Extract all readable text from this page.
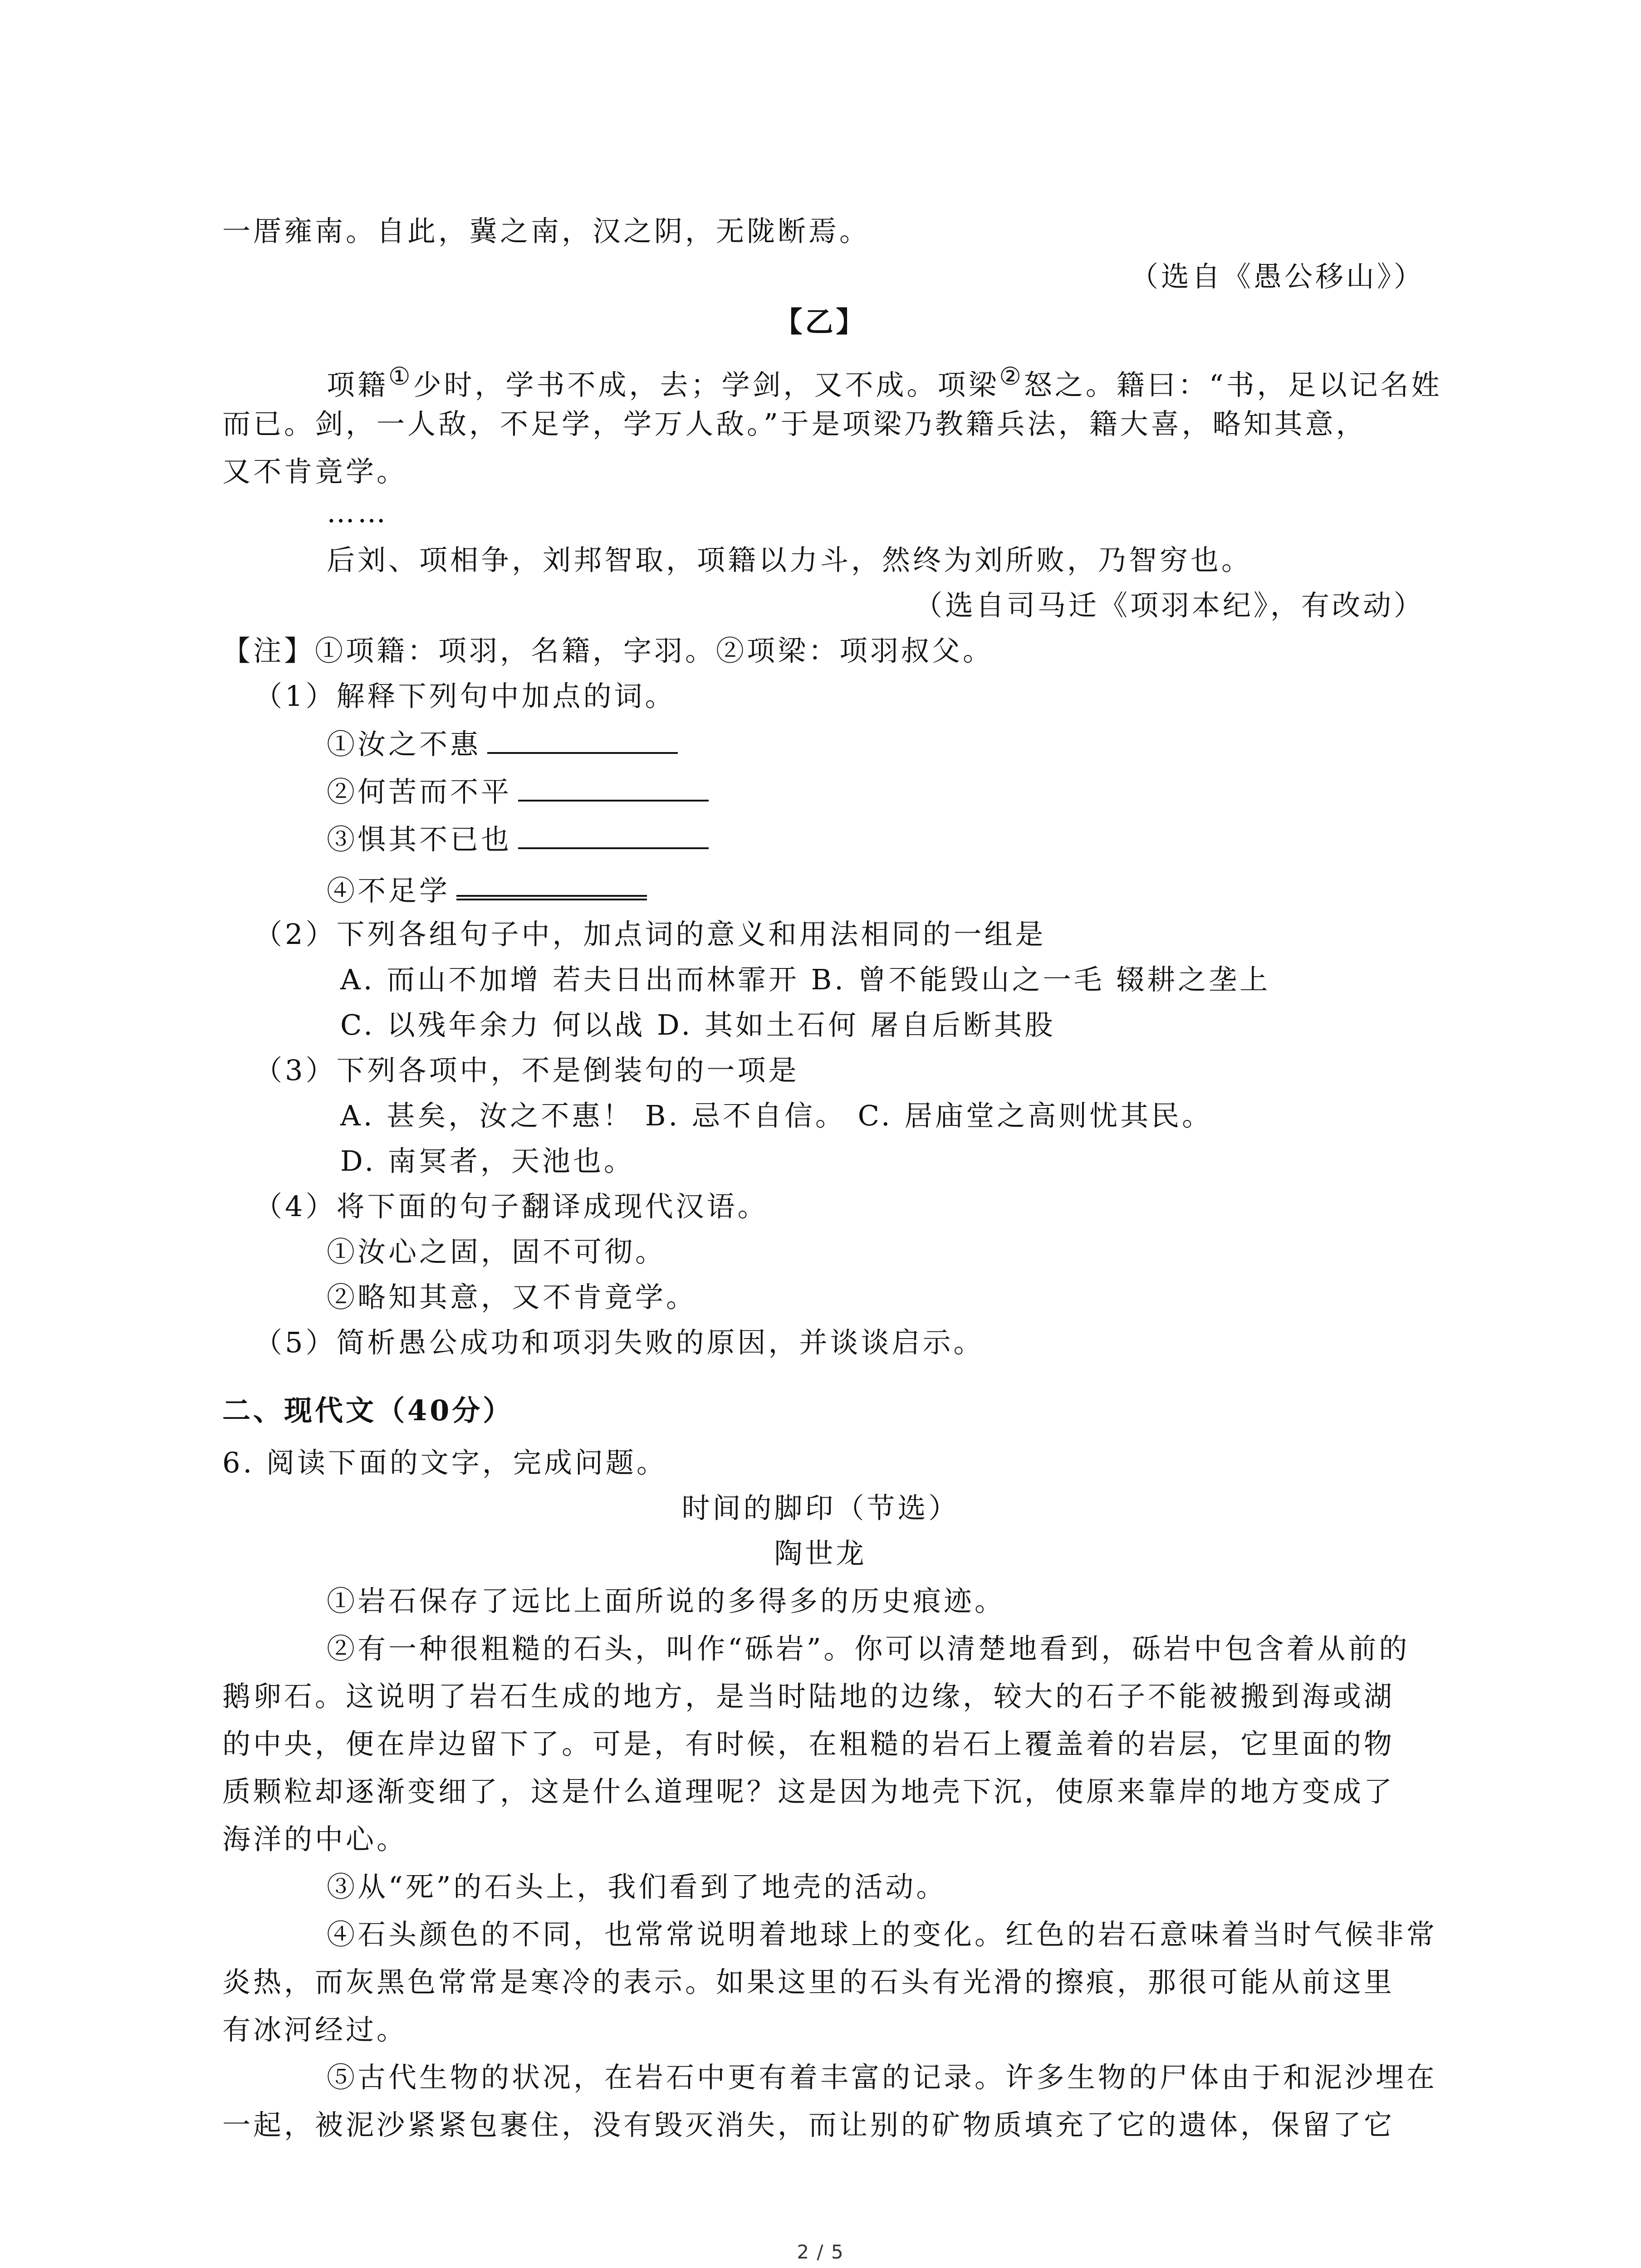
一厝雍南。自此，冀之南，汉之阴，无陇断焉。
（选自《愚公移山》）
【乙】
项籍①少时，学书不成，去；学剑，又不成。项梁②怒之。籍曰：“书，足以记名姓
而已。剑，一人敌，不足学，学万人敌。”于是项梁乃教籍兵法，籍大喜，略知其意，
又不肯竟学。
……
后刘、项相争，刘邦智取，项籍以力斗，然终为刘所败，乃智穷也。
（选自司马迁《项羽本纪》，有改动）
【注】①项籍：项羽，名籍，字羽。②项梁：项羽叔父。
（1）解释下列句中加点的词。
①汝之不惠
②何苦而不平
③惧其不已也
④不足学
（2）下列各组句子中，加点词的意义和用法相同的一组是
A. 而山不加增 若夫日出而林霏开 B. 曾不能毁山之一毛 辍耕之垄上
C. 以残年余力 何以战 D. 其如土石何 屠自后断其股
（3）下列各项中，不是倒装句的一项是
A. 甚矣，汝之不惠！ B. 忌不自信。 C. 居庙堂之高则忧其民。
D. 南冥者，天池也。
（4）将下面的句子翻译成现代汉语。
①汝心之固，固不可彻。
②略知其意，又不肯竟学。
（5）简析愚公成功和项羽失败的原因，并谈谈启示。
二、现代文（40分）
6. 阅读下面的文字，完成问题。
时间的脚印（节选）
陶世龙
①岩石保存了远比上面所说的多得多的历史痕迹。
②有一种很粗糙的石头，叫作“砾岩”。你可以清楚地看到，砾岩中包含着从前的
鹅卵石。这说明了岩石生成的地方，是当时陆地的边缘，较大的石子不能被搬到海或湖
的中央，便在岸边留下了。可是，有时候，在粗糙的岩石上覆盖着的岩层，它里面的物
质颗粒却逐渐变细了，这是什么道理呢？这是因为地壳下沉，使原来靠岸的地方变成了
海洋的中心。
③从“死”的石头上，我们看到了地壳的活动。
④石头颜色的不同，也常常说明着地球上的变化。红色的岩石意味着当时气候非常
炎热，而灰黑色常常是寒冷的表示。如果这里的石头有光滑的擦痕，那很可能从前这里
有冰河经过。
⑤古代生物的状况，在岩石中更有着丰富的记录。许多生物的尸体由于和泥沙埋在
一起，被泥沙紧紧包裹住，没有毁灭消失，而让别的矿物质填充了它的遗体，保留了它
2 / 5
